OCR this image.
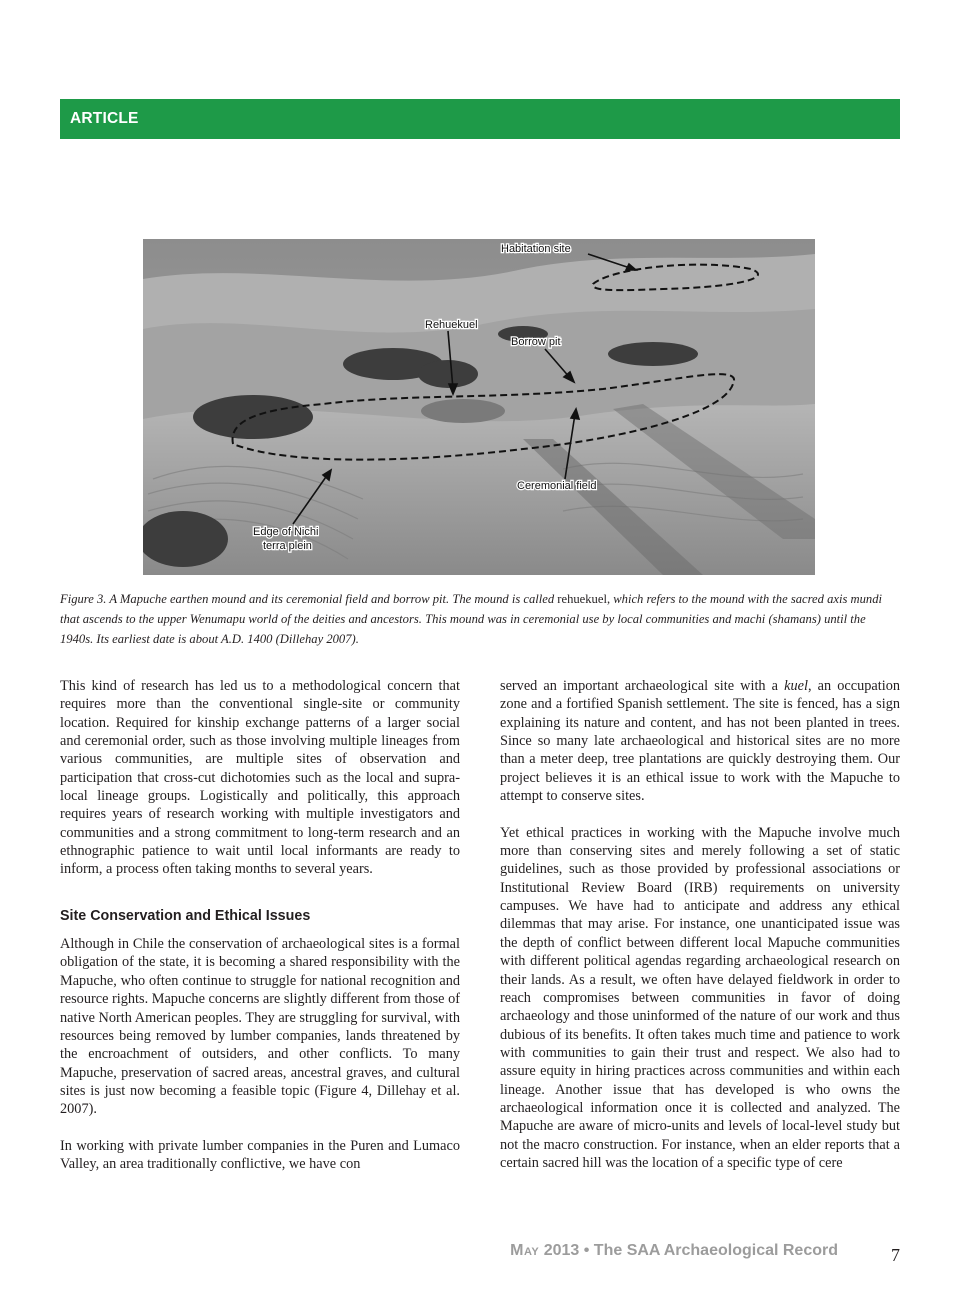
ARTICLE
Habitation site
Rehuekuel
Borrow pit
Ceremonial field
Edge of Nichi
terra plein
Figure 3. A Mapuche earthen mound and its ceremonial field and borrow pit. The mound is called rehuekuel, which refers to the mound with the sacred axis mundi that ascends to the upper Wenumapu world of the deities and ancestors. This mound was in ceremonial use by local communities and machi (shamans) until the 1940s. Its earliest date is about A.D. 1400 (Dillehay 2007).

This kind of research has led us to a methodological concern that requires more than the conventional single-site or community location. Required for kinship exchange patterns of a larger social and ceremonial order, such as those involving multiple lineages from various communities, are multiple sites of observation and participation that cross-cut dichotomies such as the local and supra-local lineage groups. Logistically and politically, this approach requires years of research working with multiple investigators and communities and a strong commitment to long-term research and an ethnographic patience to wait until local informants are ready to inform, a process often taking months to several years.

Site Conservation and Ethical Issues

Although in Chile the conservation of archaeological sites is a formal obligation of the state, it is becoming a shared responsibility with the Mapuche, who often continue to struggle for national recognition and resource rights. Mapuche concerns are slightly different from those of native North American peoples. They are struggling for survival, with resources being removed by lumber companies, lands threatened by the encroachment of outsiders, and other conflicts. To many Mapuche, preservation of sacred areas, ancestral graves, and cultural sites is just now becoming a feasible topic (Figure 4, Dillehay et al. 2007).

In working with private lumber companies in the Puren and Lumaco Valley, an area traditionally conflictive, we have con

served an important archaeological site with a kuel, an occupation zone and a fortified Spanish settlement. The site is fenced, has a sign explaining its nature and content, and has not been planted in trees. Since so many late archaeological and historical sites are no more than a meter deep, tree plantations are quickly destroying them. Our project believes it is an ethical issue to work with the Mapuche to attempt to conserve sites.

Yet ethical practices in working with the Mapuche involve much more than conserving sites and merely following a set of static guidelines, such as those provided by professional associations or Institutional Review Board (IRB) requirements on university campuses. We have had to anticipate and address any ethical dilemmas that may arise. For instance, one unanticipated issue was the depth of conflict between different local Mapuche communities with different political agendas regarding archaeological research on their lands. As a result, we often have delayed fieldwork in order to reach compromises between communities in favor of doing archaeology and those uninformed of the nature of our work and thus dubious of its benefits. It often takes much time and patience to work with communities to gain their trust and respect. We also had to assure equity in hiring practices across communities and within each lineage. Another issue that has developed is who owns the archaeological information once it is collected and analyzed. The Mapuche are aware of micro-units and levels of local-level study but not the macro construction. For instance, when an elder reports that a certain sacred hill was the location of a specific type of cere

May 2013 • The SAA Archaeological Record	7
